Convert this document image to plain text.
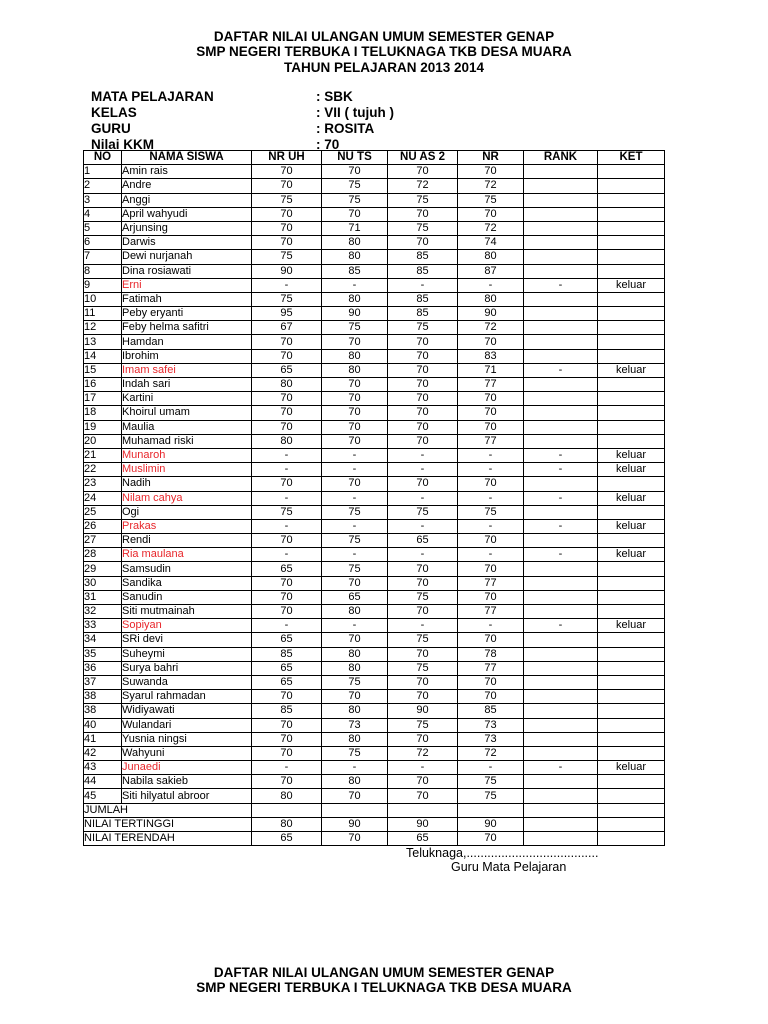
DAFTAR NILAI ULANGAN UMUM SEMESTER GENAP
SMP NEGERI TERBUKA I TELUKNAGA TKB DESA MUARA
TAHUN PELAJARAN 2013 2014
MATA PELAJARAN	: SBK
KELAS	: VII ( tujuh )
GURU	: ROSITA
Nilai KKM	: 70
NO	NAMA SISWA	NR UH	NU TS	NU AS 2	NR	RANK	KET
1	Amin rais	70	70	70	70		
2	Andre	70	75	72	72		
3	Anggi	75	75	75	75		
4	April wahyudi	70	70	70	70		
5	Arjunsing	70	71	75	72		
6	Darwis	70	80	70	74		
7	Dewi nurjanah	75	80	85	80		
8	Dina rosiawati	90	85	85	87		
9	Erni	-	-	-	-	-	keluar
10	Fatimah	75	80	85	80		
11	Peby eryanti	95	90	85	90		
12	Feby helma safitri	67	75	75	72		
13	Hamdan	70	70	70	70		
14	Ibrohim	70	80	70	83		
15	Imam safei	65	80	70	71	-	keluar
16	Indah sari	80	70	70	77		
17	Kartini	70	70	70	70		
18	Khoirul umam	70	70	70	70		
19	Maulia	70	70	70	70		
20	Muhamad riski	80	70	70	77		
21	Munaroh	-	-	-	-	-	keluar
22	Muslimin	-	-	-	-	-	keluar
23	Nadih	70	70	70	70		
24	Nilam cahya	-	-	-	-	-	keluar
25	Ogi	75	75	75	75		
26	Prakas	-	-	-	-	-	keluar
27	Rendi	70	75	65	70		
28	Ria maulana	-	-	-	-	-	keluar
29	Samsudin	65	75	70	70		
30	Sandika	70	70	70	77		
31	Sanudin	70	65	75	70		
32	Siti mutmainah	70	80	70	77		
33	Sopiyan	-	-	-	-	-	keluar
34	SRi devi	65	70	75	70		
35	Suheymi	85	80	70	78		
36	Surya bahri	65	80	75	77		
37	Suwanda	65	75	70	70		
38	Syarul rahmadan	70	70	70	70		
38	Widiyawati	85	80	90	85		
40	Wulandari	70	73	75	73		
41	Yusnia ningsi	70	80	70	73		
42	Wahyuni	70	75	72	72		
43	Junaedi	-	-	-	-	-	keluar
44	Nabila sakieb	70	80	70	75		
45	Siti hilyatul abroor	80	70	70	75		
JUMLAH							
NILAI TERTINGGI		80	90	90	90		
NILAI TERENDAH		65	70	65	70		
Teluknaga,......................................
Guru Mata Pelajaran
DAFTAR NILAI ULANGAN UMUM SEMESTER GENAP
SMP NEGERI TERBUKA I TELUKNAGA TKB DESA MUARA
